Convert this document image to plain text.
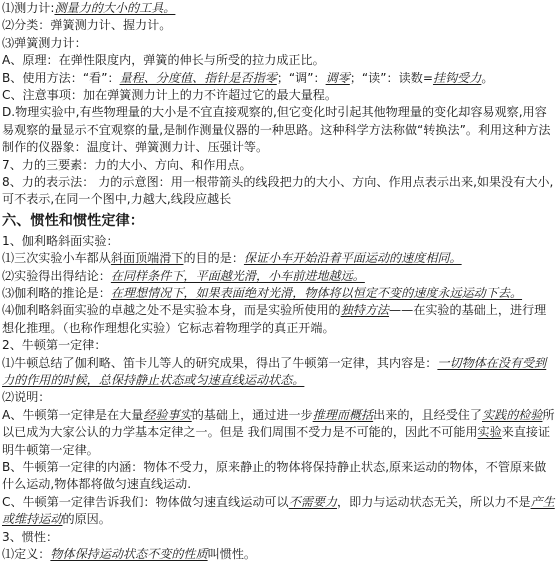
⑴测力计:测量力的大小的工具。
⑵分类：弹簧测力计、握力计。
⑶弹簧测力计：
A、原理：在弹性限度内，弹簧的伸长与所受的拉力成正比。
B、使用方法：“看”：量程、分度值、指针是否指零；“调”：调零；“读”：读数=挂钩受力。
C、注意事项：加在弹簧测力计上的力不许超过它的最大量程。
D.物理实验中,有些物理量的大小是不宜直接观察的,但它变化时引起其他物理量的变化却容易观察,用容易观察的量显示不宜观察的量,是制作测量仪器的一种思路。这种科学方法称做“转换法”。利用这种方法制作的仪器象：温度计、弹簧测力计、压强计等。
7、力的三要素：力的大小、方向、和作用点。
8、力的表示法： 力的示意图：用一根带箭头的线段把力的大小、方向、作用点表示出来,如果没有大小,可不表示,在同一个图中,力越大,线段应越长
六、惯性和惯性定律：
1、伽利略斜面实验：
⑴三次实验小车都从斜面顶端滑下的目的是：保证小车开始沿着平面运动的速度相同。
⑵实验得出得结论：在同样条件下，平面越光滑，小车前进地越远。
⑶伽利略的推论是：在理想情况下，如果表面绝对光滑，物体将以恒定不变的速度永远运动下去。
⑷伽利略斜面实验的卓越之处不是实验本身，而是实验所使用的独特方法——在实验的基础上，进行理想化推理。（也称作理想化实验）它标志着物理学的真正开端。
2、牛顿第一定律：
⑴牛顿总结了伽利略、笛卡儿等人的研究成果，得出了牛顿第一定律，其内容是：一切物体在没有受到力的作用的时候，总保持静止状态或匀速直线运动状态。
⑵说明：
A、牛顿第一定律是在大量经验事实的基础上，通过进一步推理而概括出来的，且经受住了实践的检验所以已成为大家公认的力学基本定律之一。但是 我们周围不受力是不可能的，因此不可能用实验来直接证明牛顿第一定律。
B、牛顿第一定律的内涵：物体不受力，原来静止的物体将保持静止状态,原来运动的物体，不管原来做什么运动,物体都将做匀速直线运动.
C、牛顿第一定律告诉我们：物体做匀速直线运动可以不需要力，即力与运动状态无关，所以力不是产生或维持运动的原因。
3、惯性：
⑴定义：物体保持运动状态不变的性质叫惯性。
